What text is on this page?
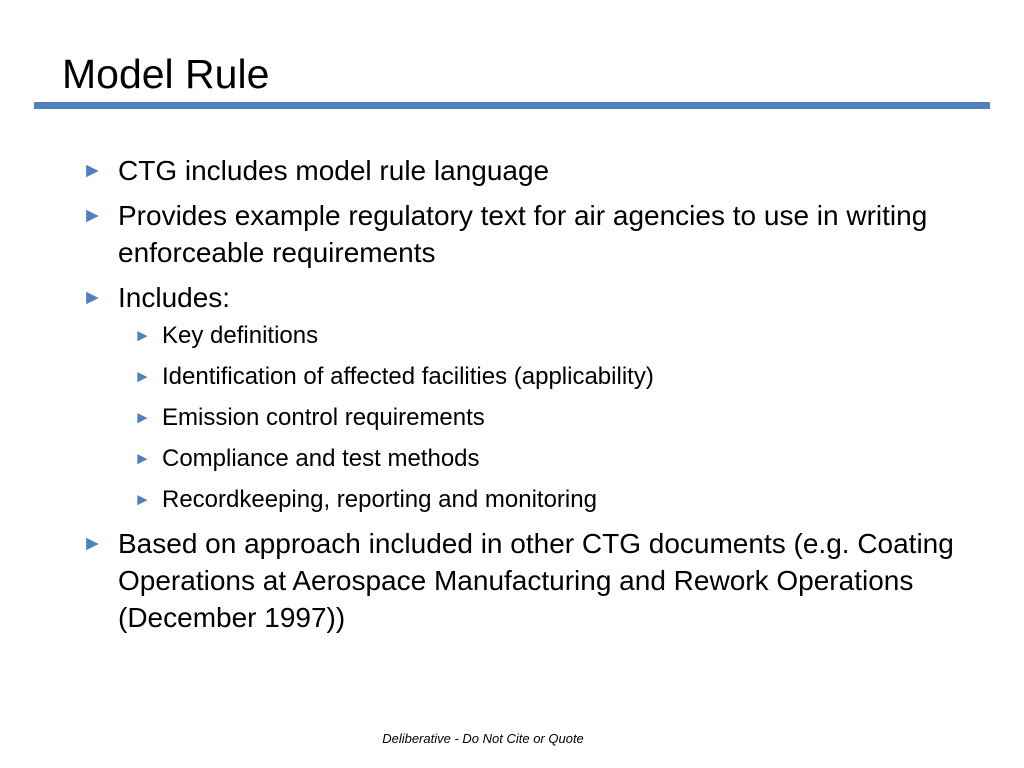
Model Rule
► CTG includes model rule language
► Provides example regulatory text for air agencies to use in writing enforceable requirements
► Includes:
► Key definitions
► Identification of affected facilities (applicability)
► Emission control requirements
► Compliance and test methods
► Recordkeeping, reporting and monitoring
► Based on approach included in other CTG documents (e.g. Coating Operations at Aerospace Manufacturing and Rework Operations (December 1997))
Deliberative - Do Not Cite or Quote
